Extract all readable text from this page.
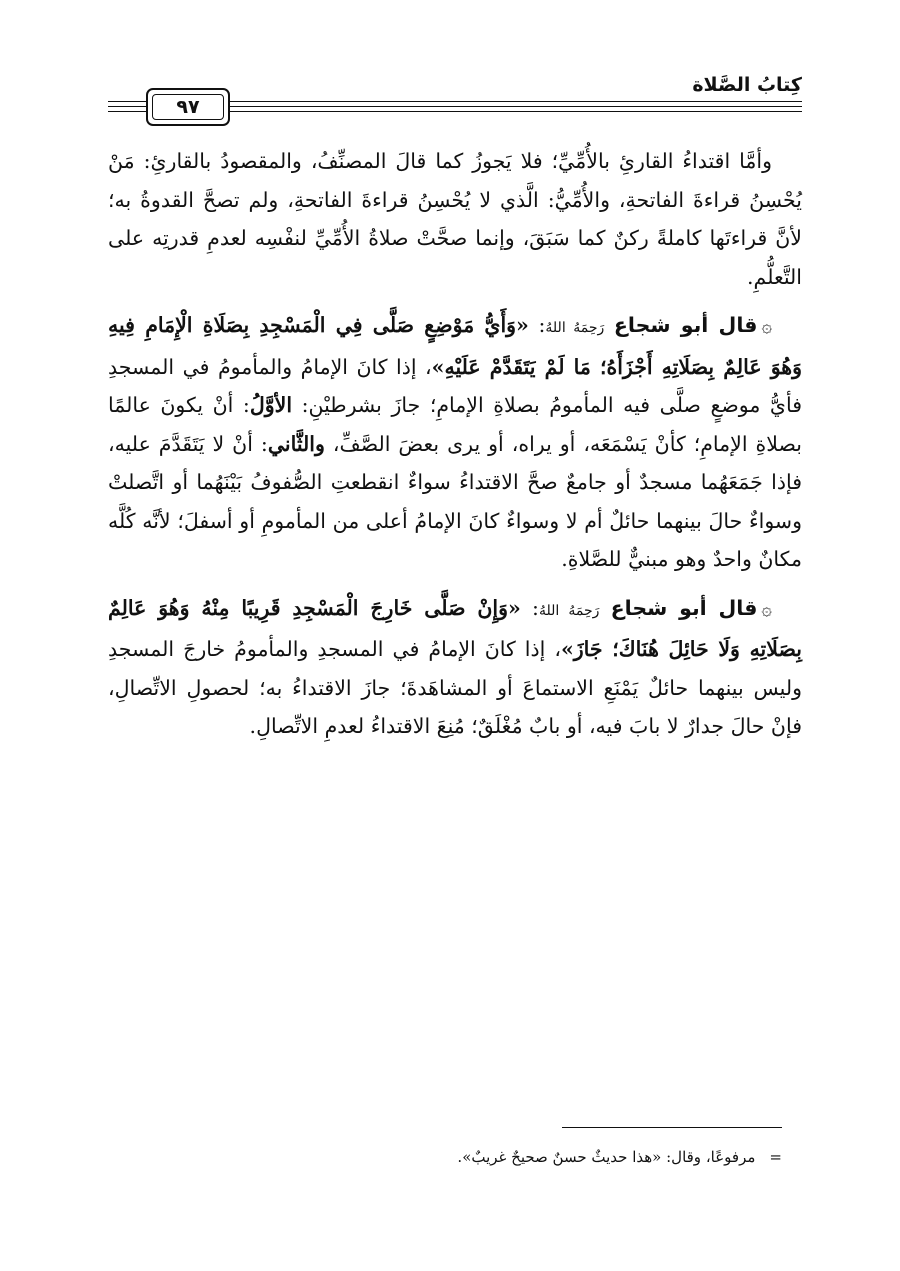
كِتابُ الصَّلاة
٩٧

وأمَّا اقتداءُ القارئِ بالأُمِّيِّ؛ فلا يَجوزُ كما قالَ المصنِّفُ، والمقصودُ بالقارئِ: مَنْ يُحْسِنُ قراءةَ الفاتحةِ، والأُمِّيُّ: الَّذي لا يُحْسِنُ قراءةَ الفاتحةِ، ولم تصحَّ القدوةُ به؛ لأنَّ قراءتَها كاملةً ركنٌ كما سَبَقَ، وإنما صحَّتْ صلاةُ الأُمِّيِّ لنفْسِه لعدمِ قدرتِه على التَّعلُّمِ.

۞قال أبو شجاع رَحِمَهُ اللهُ: «وَأَيُّ مَوْضِعٍ صَلَّى فِي الْمَسْجِدِ بِصَلَاةِ الْإِمَامِ فِيهِ وَهُوَ عَالِمٌ بِصَلَاتِهِ أَجْزَأَهُ؛ مَا لَمْ يَتَقَدَّمْ عَلَيْهِ»، إذا كانَ الإمامُ والمأمومُ في المسجدِ فأيُّ موضعٍ صلَّى فيه المأمومُ بصلاةِ الإمامِ؛ جازَ بشرطيْنِ: الأوَّلُ: أنْ يكونَ عالمًا بصلاةِ الإمامِ؛ كأنْ يَسْمَعَه، أو يراه، أو يرى بعضَ الصَّفِّ، والثَّاني: أنْ لا يَتَقَدَّمَ عليه، فإذا جَمَعَهُما مسجدٌ أو جامعٌ صحَّ الاقتداءُ سواءٌ انقطعتِ الصُّفوفُ بَيْنَهُما أو اتَّصلتْ وسواءٌ حالَ بينهما حائلٌ أم لا وسواءٌ كانَ الإمامُ أعلى من المأمومِ أو أسفلَ؛ لأنَّه كُلَّه مكانٌ واحدٌ وهو مبنيٌّ للصَّلاةِ.

۞قال أبو شجاع رَحِمَهُ اللهُ: «وَإِنْ صَلَّى خَارِجَ الْمَسْجِدِ قَرِيبًا مِنْهُ وَهُوَ عَالِمٌ بِصَلَاتِهِ وَلَا حَائِلَ هُنَاكَ؛ جَازَ»، إذا كانَ الإمامُ في المسجدِ والمأمومُ خارجَ المسجدِ وليس بينهما حائلٌ يَمْنَعِ الاستماعَ أو المشاهَدةَ؛ جازَ الاقتداءُ به؛ لحصولِ الاتِّصالِ، فإنْ حالَ جدارٌ لا بابَ فيه، أو بابٌ مُغْلَقٌ؛ مُنِعَ الاقتداءُ لعدمِ الاتِّصالِ.

=مرفوعًا، وقال: «هذا حديثٌ حسنٌ صحيحٌ غريبٌ».
